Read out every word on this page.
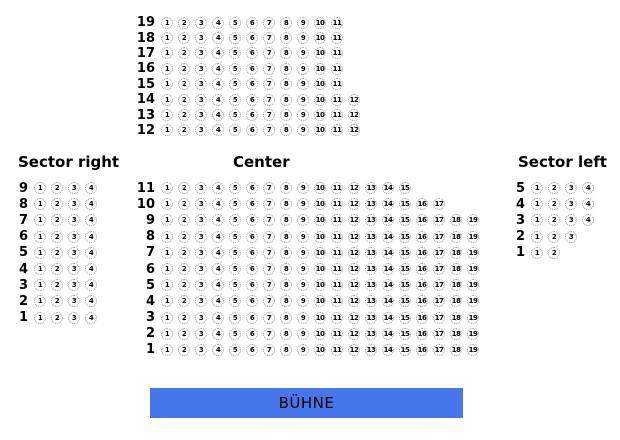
19	1	2	3	4	5	6	7	8	9	10 11
18	1	2	3	4	5	6	7	8	9	10 11
17	1	2	3	4	5	6	7	8	9	10 11
16	1	2	3	4	5	6	7	8	9	10 11
15	1	2	3	4	5	6	7	8	9	10 11
14	1	2	3	4	5	6	7	8	9	10 11 12
13	1	2	3	4	5	6	7	8	9	10 11 12
12	1	2	3	4	5	6	7	8	9	10 11 12
Sector right	Center	Sector left
9	1	2	3	4
8	1	2	3	4
7	1	2	3	4
6	1	2	3	4
5	1	2	3	4
4	1	2	3	4
3	1	2	3	4
2	1	2	3	4
1	1	2	3	4
11	1	2	3	4	5	6	7	8	9	10 11 12 13 14 15
10	1	2	3	4	5	6	7	8	9	10 11 12 13 14 15 16 17
9	1	2	3	4	5	6	7	8	9	10 11 12 13 14 15 16 17 18 19
8	1	2	3	4	5	6	7	8	9	10 11 12 13 14 15 16 17 18 19
7	1	2	3	4	5	6	7	8	9	10 11 12 13 14 15 16 17 18 19
6	1	2	3	4	5	6	7	8	9	10 11 12 13 14 15 16 17 18 19
5	1	2	3	4	5	6	7	8	9	10 11 12 13 14 15 16 17 18 19
4	1	2	3	4	5	6	7	8	9	10 11 12 13 14 15 16 17 18 19
3	1	2	3	4	5	6	7	8	9	10 11 12 13 14 15 16 17 18 19
2	1	2	3	4	5	6	7	8	9	10 11 12 13 14 15 16 17 18 19
1	1	2	3	4	5	6	7	8	9	10 11 12 13 14 15 16 17 18 19
5	1	2	3	4
4	1	2	3	4
3	1	2	3	4
2	1	2	3
1	1	2
BÜHNE
